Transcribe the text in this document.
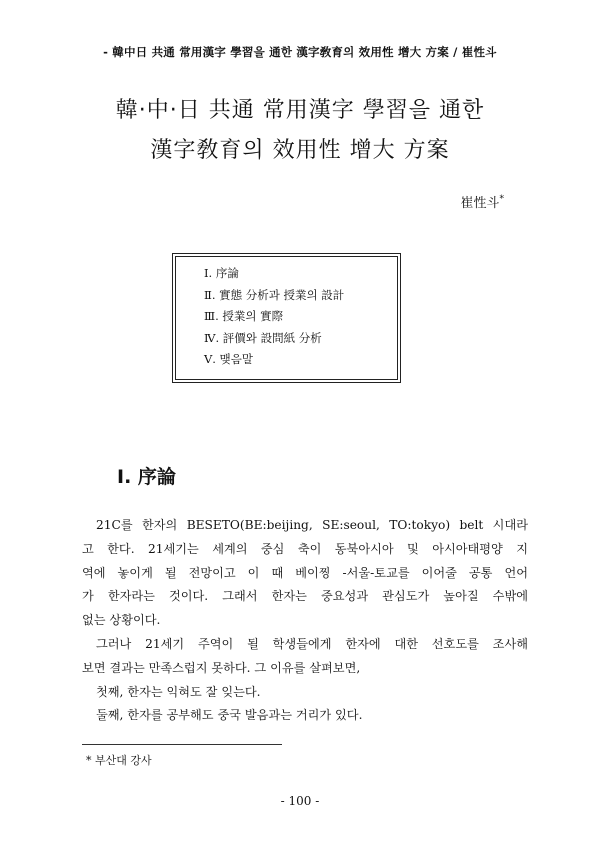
- 韓中日 共通 常用漢字 學習을 通한 漢字敎育의 效用性 增大 方案 / 崔性斗
韓·中·日 共通 常用漢字 學習을 通한
漢字敎育의 效用性 增大 方案
崔性斗*
Ⅰ. 序論
Ⅱ. 實態 分析과 授業의 設計
Ⅲ. 授業의 實際
Ⅳ. 評價와 設問紙 分析
Ⅴ. 맺음말
Ⅰ. 序論
21C를 한자의 BESETO(BE:beijing, SE:seoul, TO:tokyo) belt 시대라
고 한다. 21세기는 세계의 중심 축이 동북아시아 및 아시아태평양 지
역에 놓이게 될 전망이고 이 때 베이찡 -서울-토교를 이어줄 공통 언어
가 한자라는 것이다. 그래서 한자는 중요성과 관심도가 높아질 수밖에
없는 상황이다.
그러나 21세기 주역이 될 학생들에게 한자에 대한 선호도를 조사해
보면 결과는 만족스럽지 못하다. 그 이유를 살펴보면,
첫째, 한자는 익혀도 잘 잊는다.
둘째, 한자를 공부해도 중국 발음과는 거리가 있다.
* 부산대 강사
- 100 -
